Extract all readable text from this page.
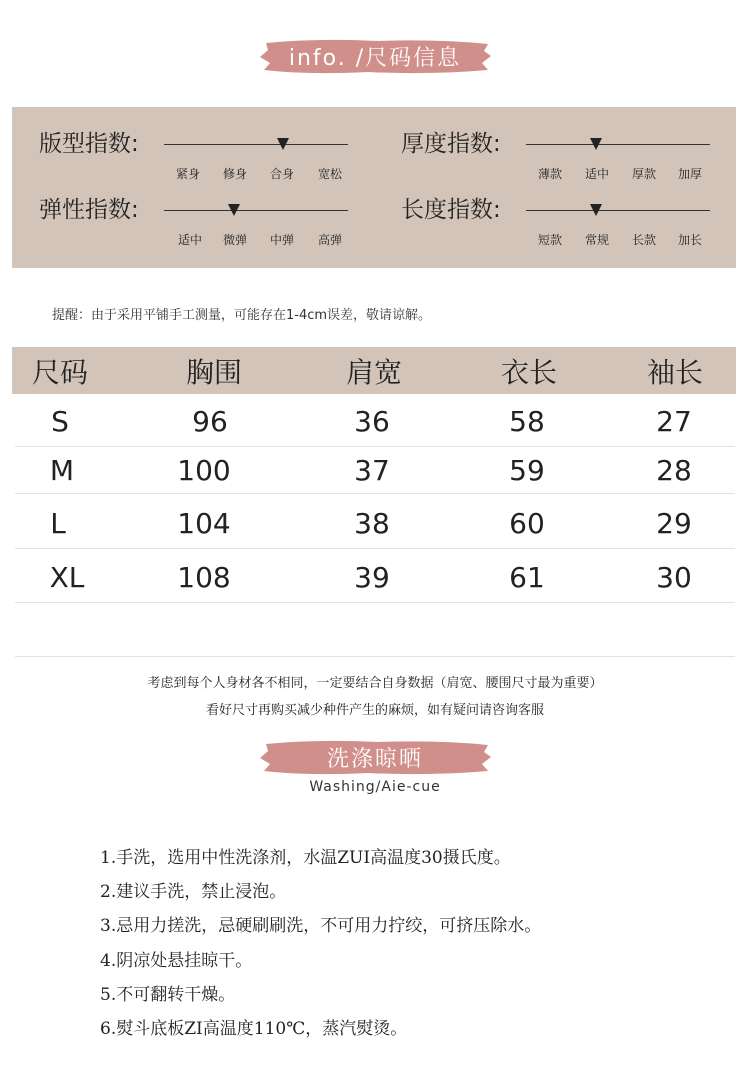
info. /尺码信息
版型指数:
紧身	修身	合身	宽松
厚度指数:
薄款	适中	厚款	加厚
弹性指数:
适中	微弹	中弹	高弹
长度指数:
短款	常规	长款	加长
提醒：由于采用平铺手工测量，可能存在1-4cm误差，敬请谅解。
尺码	胸围	肩宽	衣长	袖长
S	96	36	58	27
M	100	37	59	28
L	104	38	60	29
XL	108	39	61	30
考虑到每个人身材各不相同，一定要结合自身数据（肩宽、腰围尺寸最为重要）
看好尺寸再购买减少种件产生的麻烦，如有疑问请咨询客服
洗涤晾晒
Washing/Aie-cue
1.手洗，选用中性洗涤剂，水温ZUI高温度30摄氏度。
2.建议手洗，禁止浸泡。
3.忌用力搓洗，忌硬刷刷洗，不可用力拧绞，可挤压除水。
4.阴凉处悬挂晾干。
5.不可翻转干燥。
6.熨斗底板ZI高温度110℃，蒸汽熨烫。
